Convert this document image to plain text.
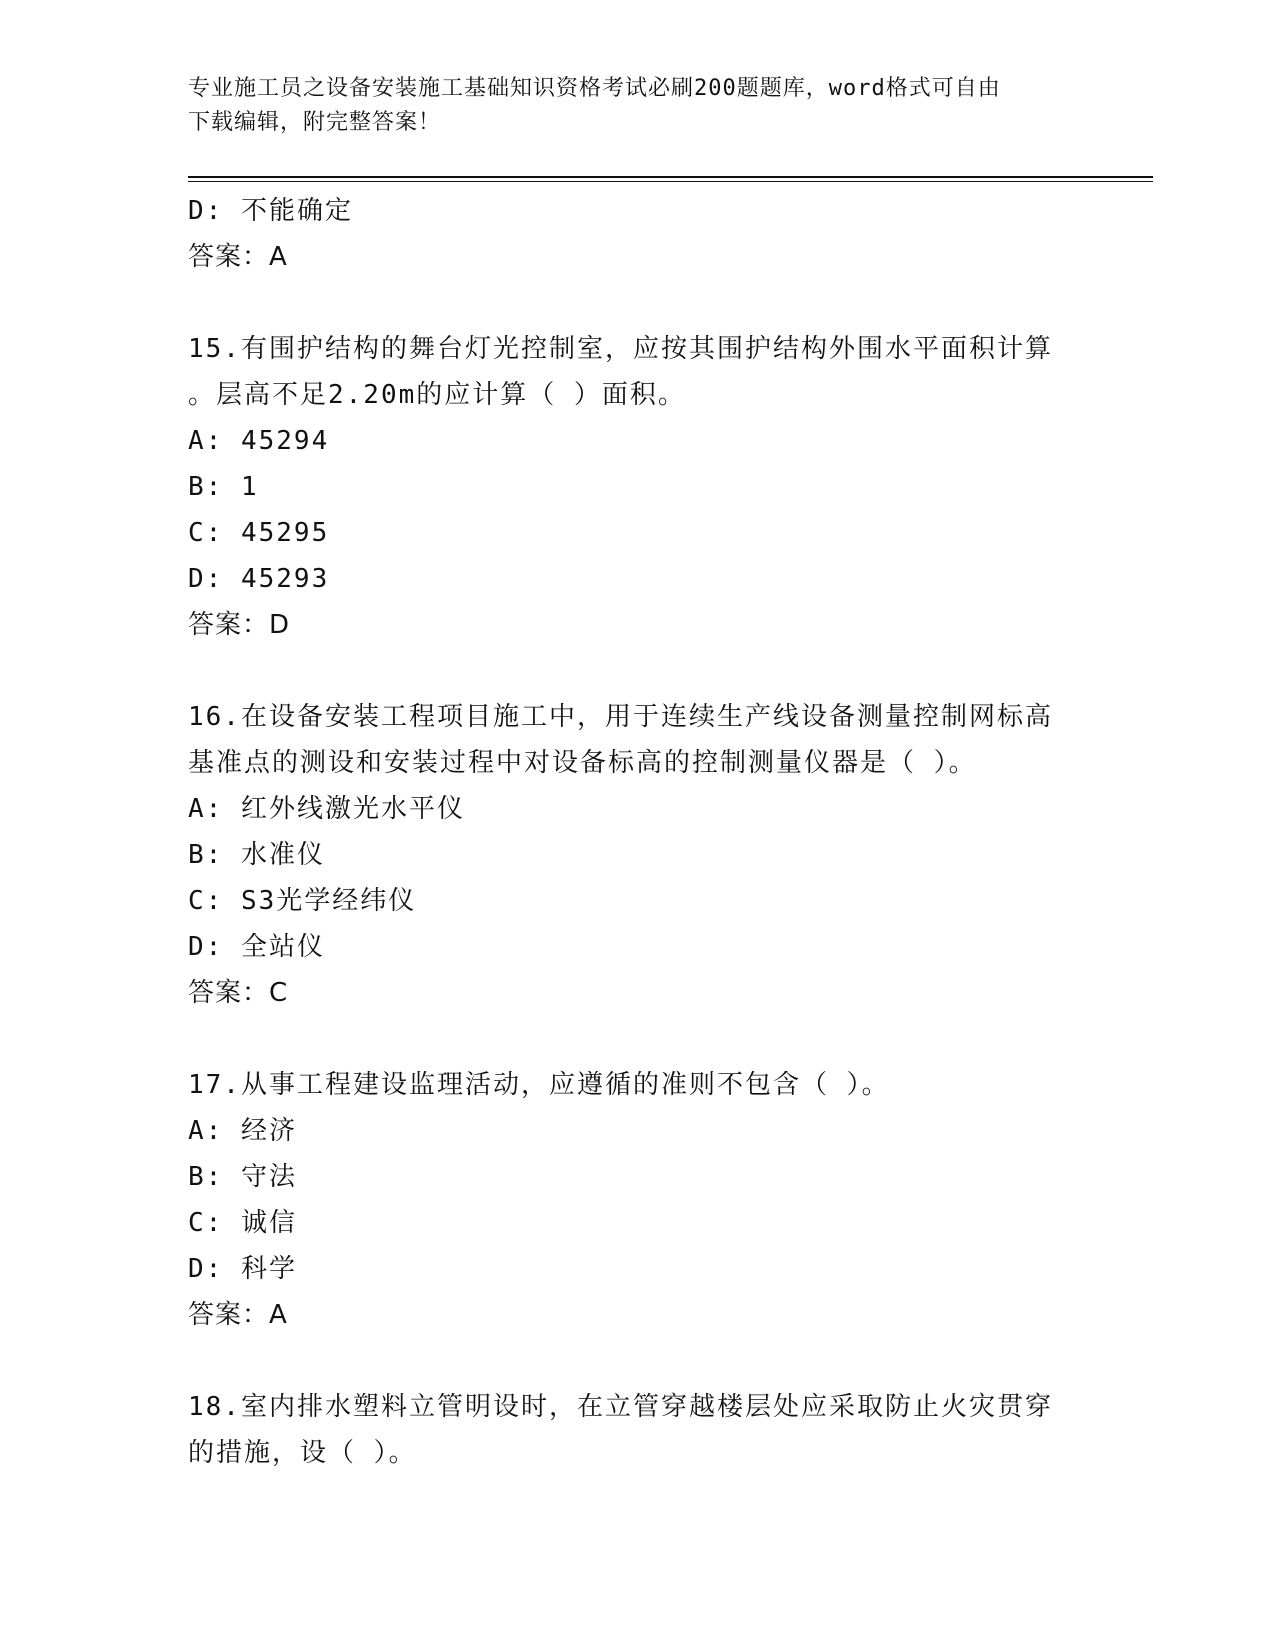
专业施工员之设备安装施工基础知识资格考试必刷200题题库，word格式可自由
下载编辑，附完整答案！
D: 不能确定
答案：A
15.有围护结构的舞台灯光控制室，应按其围护结构外围水平面积计算
。层高不足2.20m的应计算（ ）面积。
A: 45294
B: 1
C: 45295
D: 45293
答案：D
16.在设备安装工程项目施工中，用于连续生产线设备测量控制网标高
基准点的测设和安装过程中对设备标高的控制测量仪器是（ ）。
A: 红外线激光水平仪
B: 水准仪
C: S3光学经纬仪
D: 全站仪
答案：C
17.从事工程建设监理活动，应遵循的准则不包含（ ）。
A: 经济
B: 守法
C: 诚信
D: 科学
答案：A
18.室内排水塑料立管明设时，在立管穿越楼层处应采取防止火灾贯穿
的措施，设（ ）。
